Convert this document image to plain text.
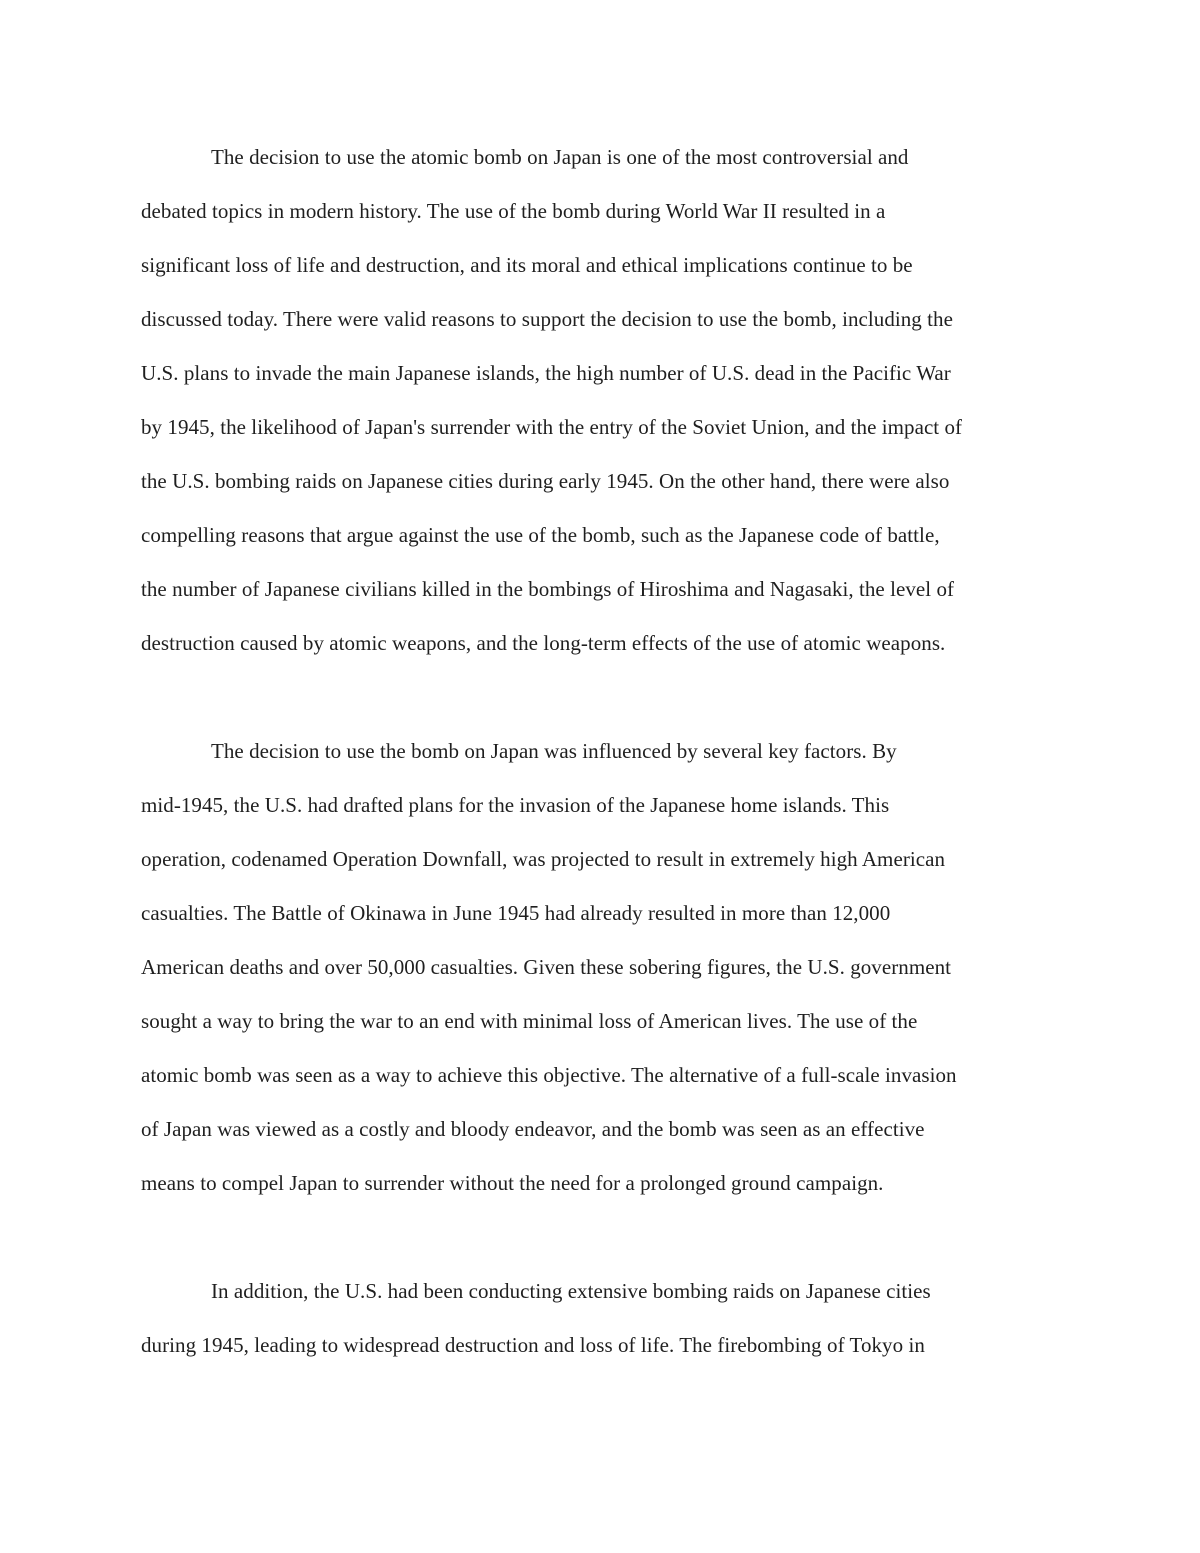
The decision to use the atomic bomb on Japan is one of the most controversial and
debated topics in modern history. The use of the bomb during World War II resulted in a
significant loss of life and destruction, and its moral and ethical implications continue to be
discussed today. There were valid reasons to support the decision to use the bomb, including the
U.S. plans to invade the main Japanese islands, the high number of U.S. dead in the Pacific War
by 1945, the likelihood of Japan's surrender with the entry of the Soviet Union, and the impact of
the U.S. bombing raids on Japanese cities during early 1945. On the other hand, there were also
compelling reasons that argue against the use of the bomb, such as the Japanese code of battle,
the number of Japanese civilians killed in the bombings of Hiroshima and Nagasaki, the level of
destruction caused by atomic weapons, and the long-term effects of the use of atomic weapons.
The decision to use the bomb on Japan was influenced by several key factors. By
mid-1945, the U.S. had drafted plans for the invasion of the Japanese home islands. This
operation, codenamed Operation Downfall, was projected to result in extremely high American
casualties. The Battle of Okinawa in June 1945 had already resulted in more than 12,000
American deaths and over 50,000 casualties. Given these sobering figures, the U.S. government
sought a way to bring the war to an end with minimal loss of American lives. The use of the
atomic bomb was seen as a way to achieve this objective. The alternative of a full-scale invasion
of Japan was viewed as a costly and bloody endeavor, and the bomb was seen as an effective
means to compel Japan to surrender without the need for a prolonged ground campaign.
In addition, the U.S. had been conducting extensive bombing raids on Japanese cities
during 1945, leading to widespread destruction and loss of life. The firebombing of Tokyo in
